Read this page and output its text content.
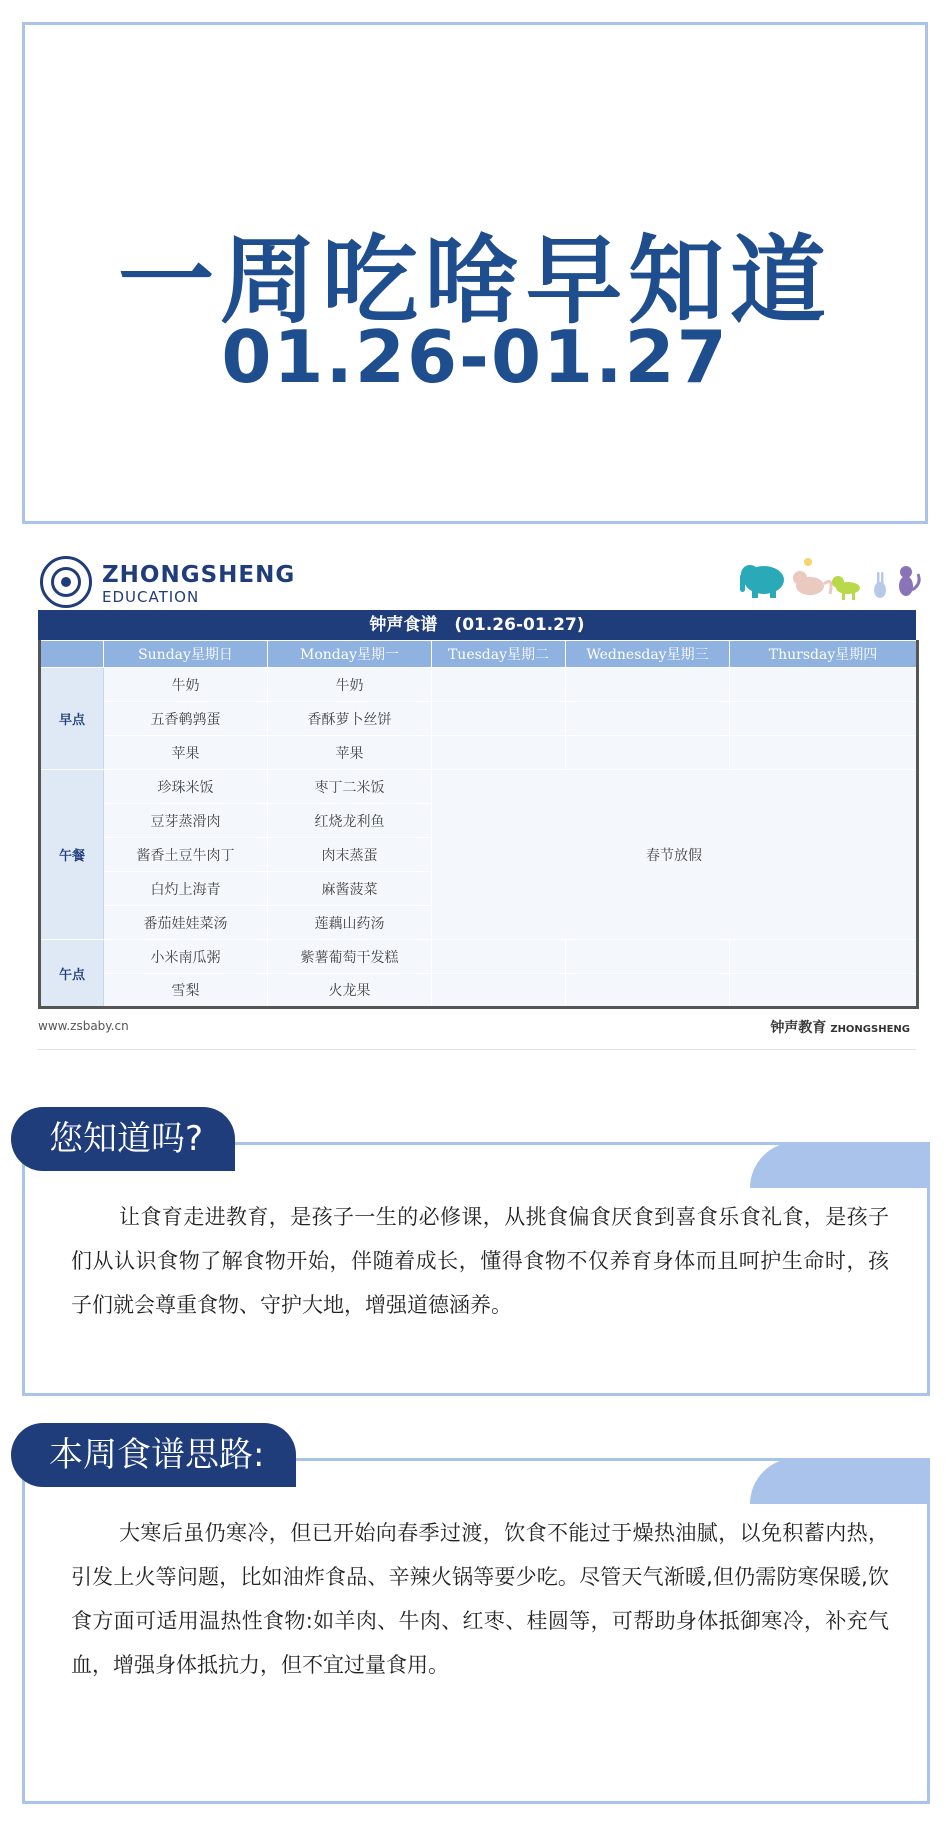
一周吃啥早知道
01.26-01.27
ZHONGSHENG
EDUCATION
钟声食谱　(01.26-01.27)
	Sunday星期日	Monday星期一	Tuesday星期二	Wednesday星期三	Thursday星期四
早点	牛奶	牛奶			
	五香鹌鹑蛋	香酥萝卜丝饼			
	苹果	苹果			
午餐	珍珠米饭	枣丁二米饭	春节放假		
	豆芽蒸滑肉	红烧龙利鱼			
	酱香土豆牛肉丁	肉末蒸蛋			
	白灼上海青	麻酱菠菜			
	番茄娃娃菜汤	莲藕山药汤			
午点	小米南瓜粥	紫薯葡萄干发糕			
	雪梨	火龙果			
www.zsbaby.cn	钟声教育 ZHONGSHENG
您知道吗?

让食育走进教育，是孩子一生的必修课，从挑食偏食厌食到喜食乐食礼食，是孩子们从认识食物了解食物开始，伴随着成长，懂得食物不仅养育身体而且呵护生命时，孩子们就会尊重食物、守护大地，增强道德涵养。

本周食谱思路:

大寒后虽仍寒冷，但已开始向春季过渡，饮食不能过于燥热油腻，以免积蓄内热，引发上火等问题，比如油炸食品、辛辣火锅等要少吃。尽管天气渐暖,但仍需防寒保暖,饮食方面可适用温热性食物:如羊肉、牛肉、红枣、桂圆等，可帮助身体抵御寒冷，补充气血，增强身体抵抗力，但不宜过量食用。
